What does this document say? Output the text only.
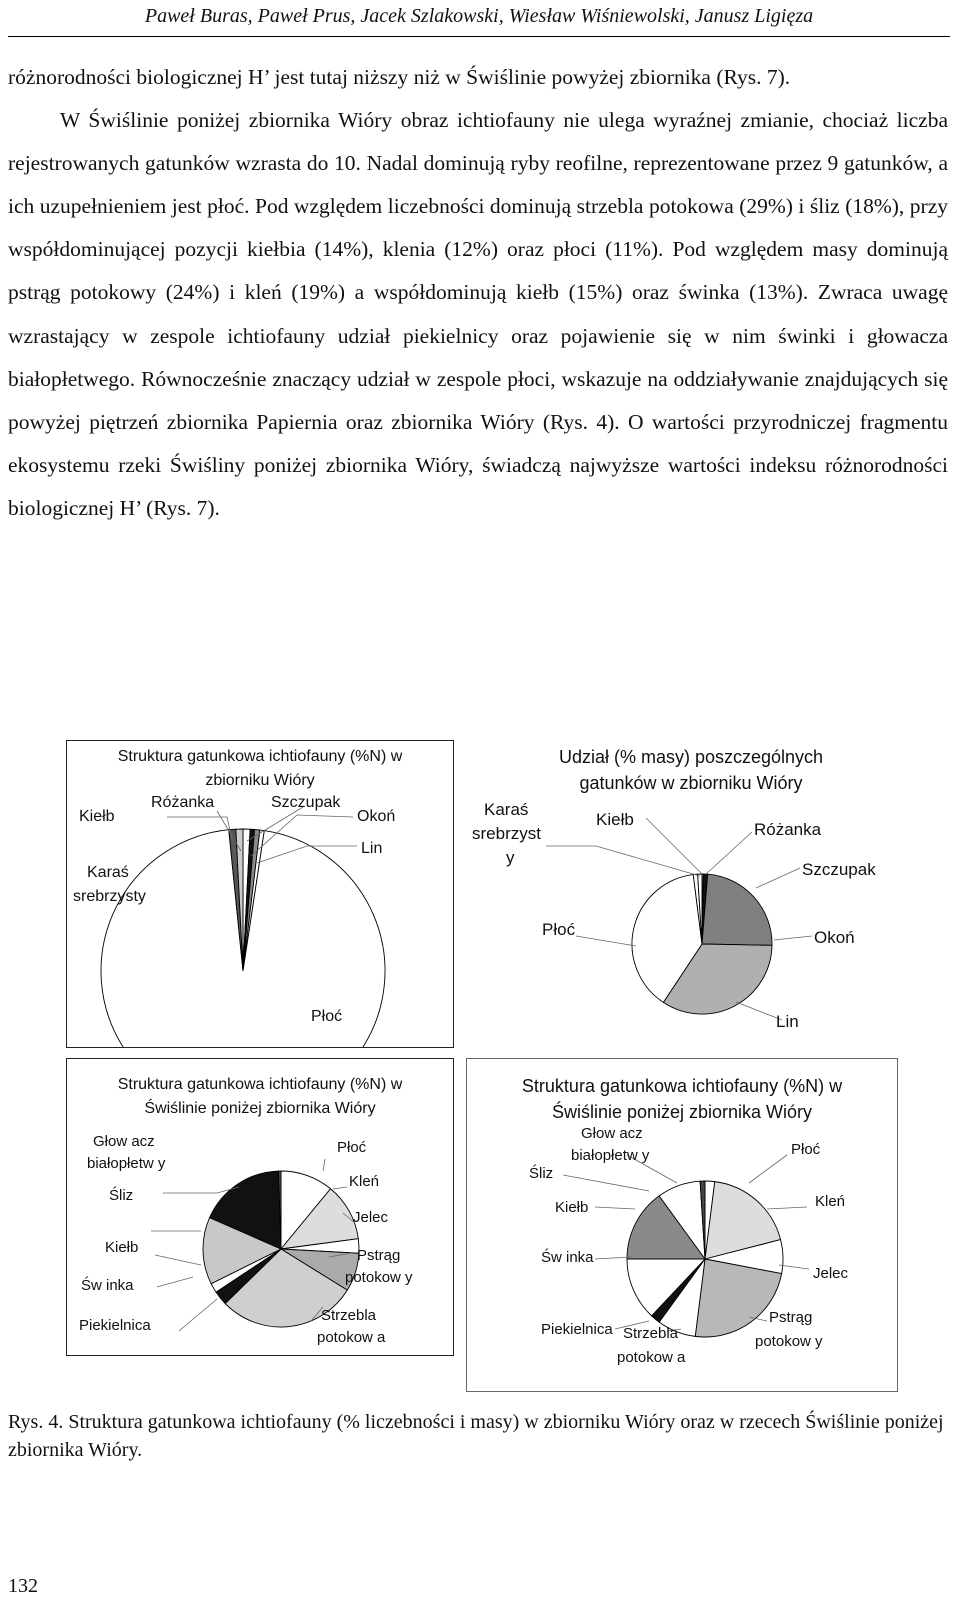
Paweł Buras, Paweł Prus, Jacek Szlakowski, Wiesław Wiśniewolski, Janusz Ligięza

różnorodności biologicznej H’ jest tutaj niższy niż w Świślinie powyżej zbiornika (Rys. 7).

W Świślinie poniżej zbiornika Wióry obraz ichtiofauny nie ulega wyraźnej zmianie, chociaż liczba rejestrowanych gatunków wzrasta do 10. Nadal dominują ryby reofilne, reprezentowane przez 9 gatunków, a ich uzupełnieniem jest płoć. Pod względem liczebności dominują strzebla potokowa (29%) i śliz (18%), przy współdominującej pozycji kiełbia (14%), klenia (12%) oraz płoci (11%). Pod względem masy dominują pstrąg potokowy (24%) i kleń (19%) a współdominują kiełb (15%) oraz świnka (13%). Zwraca uwagę wzrastający w zespole ichtiofauny udział piekielnicy oraz pojawienie się w nim świnki i głowacza białopłetwego. Równocześnie znaczący udział w zespole płoci, wskazuje na oddziaływanie znajdujących się powyżej piętrzeń zbiornika Papiernia oraz zbiornika Wióry (Rys. 4). O wartości przyrodniczej fragmentu ekosystemu rzeki Świśliny poniżej zbiornika Wióry, świadczą najwyższe wartości indeksu różnorodności biologicznej H’ (Rys. 7).

Struktura gatunkowa ichtiofauny (%N) w
zbiorniku Wióry
Kiełb
Różanka	Szczupak
Okoń
Lin
Karaś
srebrzysty
Płoć
Udział (% masy) poszczególnych
gatunków w zbiorniku Wióry
Karaś
srebrzyst
y
Kiełb
Różanka
Szczupak
Płoć	Okoń
Lin
Struktura gatunkowa ichtiofauny (%N) w
Świślinie poniżej zbiornika Wióry
Głow acz
białopłetw y
Śliz
Kiełb
Św inka
Piekielnica
Płoć
Kleń
Jelec
Pstrąg
potokow y
Strzebla
potokow a
Struktura gatunkowa ichtiofauny (%N) w
Świślinie poniżej zbiornika Wióry
Głow acz
białopłetw y
Śliz
Kiełb
Św inka
Piekielnica
Płoć
Kleń
Jelec
Pstrąg
potokow y
Strzebla
potokow a

Rys. 4. Struktura gatunkowa ichtiofauny (% liczebności i masy) w zbiorniku Wióry oraz w rzecech Świślinie poniżej zbiornika Wióry.

132
